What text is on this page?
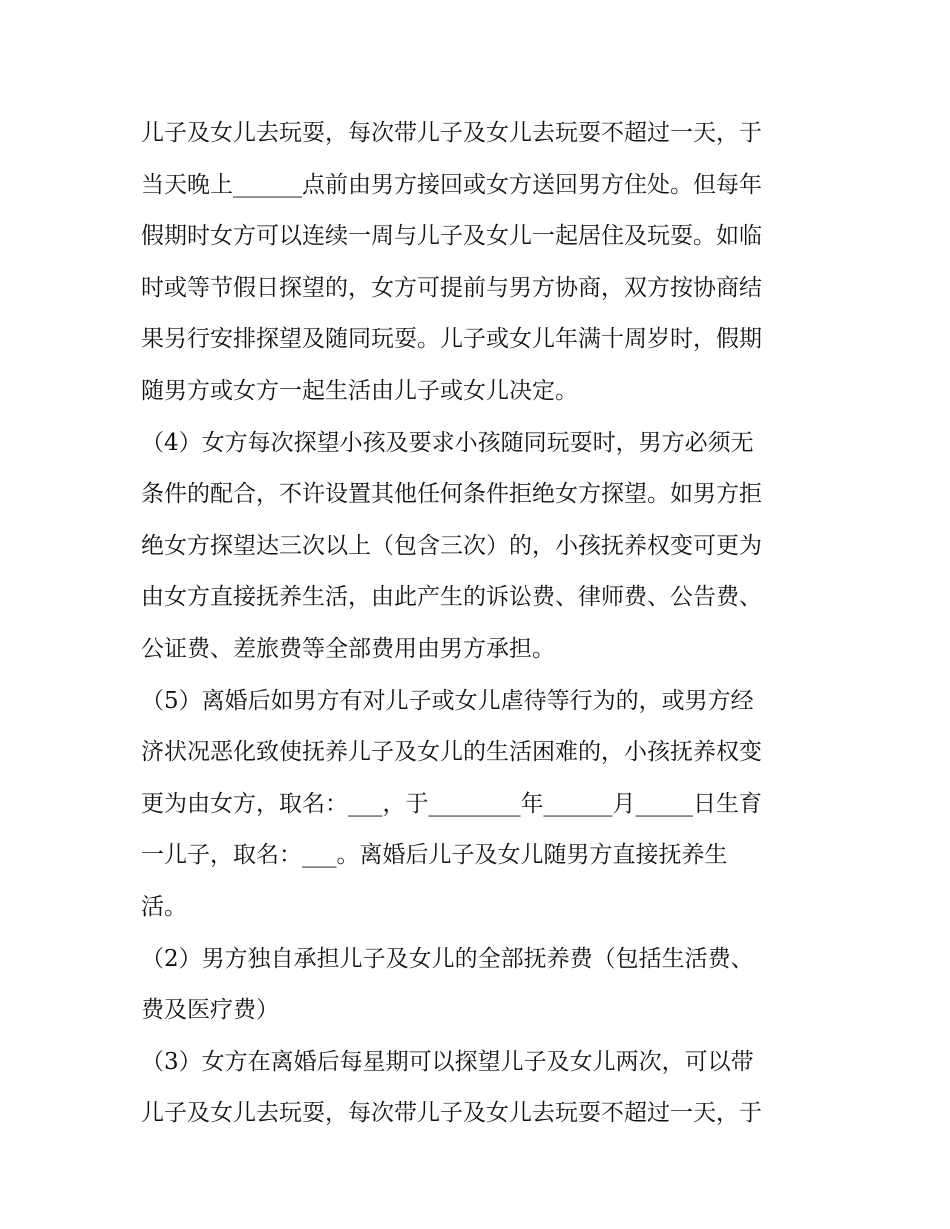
儿子及女儿去玩耍，每次带儿子及女儿去玩耍不超过一天，于
当天晚上______点前由男方接回或女方送回男方住处。但每年
假期时女方可以连续一周与儿子及女儿一起居住及玩耍。如临
时或等节假日探望的，女方可提前与男方协商，双方按协商结
果另行安排探望及随同玩耍。儿子或女儿年满十周岁时，假期
随男方或女方一起生活由儿子或女儿决定。
（4）女方每次探望小孩及要求小孩随同玩耍时，男方必须无
条件的配合，不许设置其他任何条件拒绝女方探望。如男方拒
绝女方探望达三次以上（包含三次）的，小孩抚养权变可更为
由女方直接抚养生活，由此产生的诉讼费、律师费、公告费、
公证费、差旅费等全部费用由男方承担。
（5）离婚后如男方有对儿子或女儿虐待等行为的，或男方经
济状况恶化致使抚养儿子及女儿的生活困难的，小孩抚养权变
更为由女方，取名：___，于________年______月_____日生育
一儿子，取名：___。离婚后儿子及女儿随男方直接抚养生
活。
（2）男方独自承担儿子及女儿的全部抚养费（包括生活费、
费及医疗费）
（3）女方在离婚后每星期可以探望儿子及女儿两次，可以带
儿子及女儿去玩耍，每次带儿子及女儿去玩耍不超过一天，于
